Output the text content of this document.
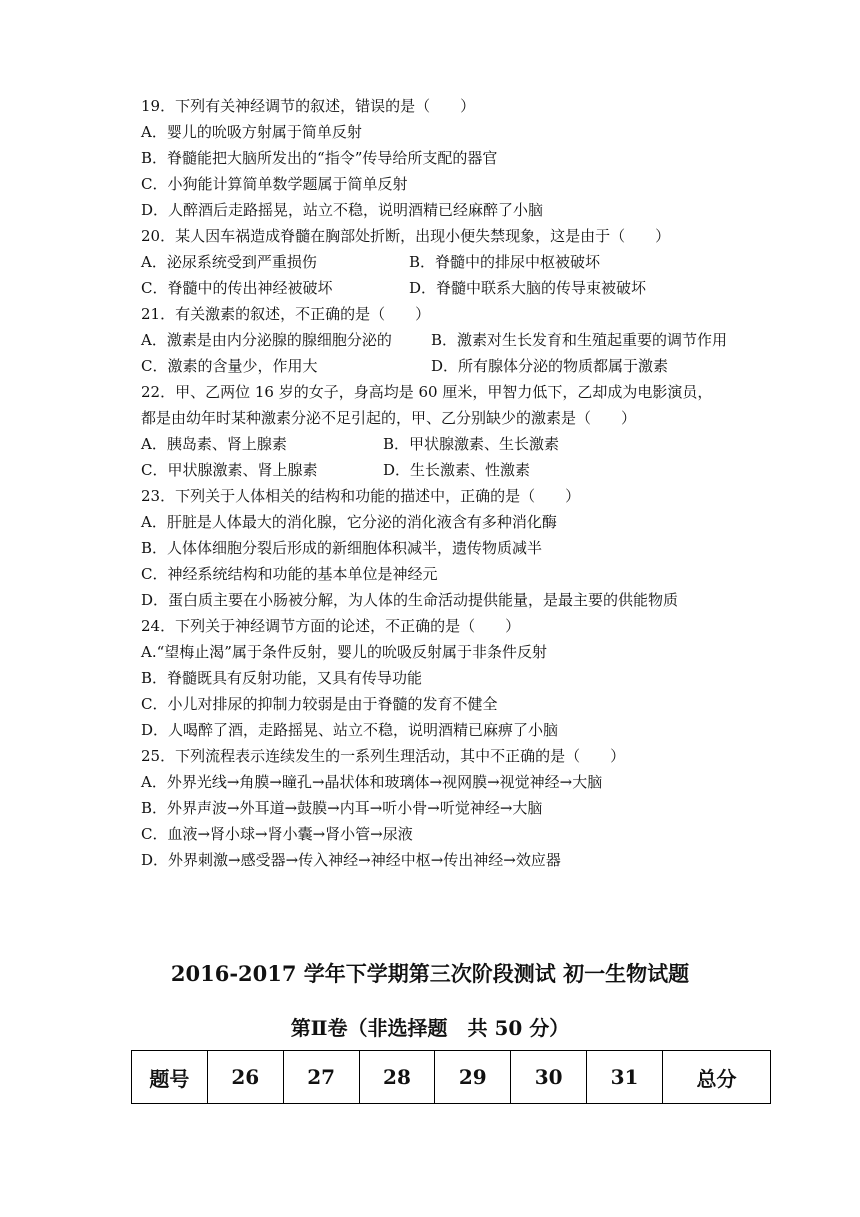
19．下列有关神经调节的叙述，错误的是（　　）
A．婴儿的吮吸方射属于简单反射
B．脊髓能把大脑所发出的“指令”传导给所支配的器官
C．小狗能计算简单数学题属于简单反射
D．人醉酒后走路摇晃，站立不稳，说明酒精已经麻醉了小脑
20．某人因车祸造成脊髓在胸部处折断，出现小便失禁现象，这是由于（　　）
A．泌尿系统受到严重损伤	B．脊髓中的排尿中枢被破坏
C．脊髓中的传出神经被破坏	D．脊髓中联系大脑的传导束被破坏
21．有关激素的叙述，不正确的是（　　）
A．激素是由内分泌腺的腺细胞分泌的	B．激素对生长发育和生殖起重要的调节作用
C．激素的含量少，作用大	D．所有腺体分泌的物质都属于激素
22．甲、乙两位 16 岁的女子，身高均是 60 厘米，甲智力低下，乙却成为电影演员，
都是由幼年时某种激素分泌不足引起的，甲、乙分别缺少的激素是（　　）
A．胰岛素、肾上腺素	B．甲状腺激素、生长激素
C．甲状腺激素、肾上腺素	D．生长激素、性激素
23．下列关于人体相关的结构和功能的描述中，正确的是（　　）
A．肝脏是人体最大的消化腺，它分泌的消化液含有多种消化酶
B．人体体细胞分裂后形成的新细胞体积减半，遗传物质减半
C．神经系统结构和功能的基本单位是神经元
D．蛋白质主要在小肠被分解，为人体的生命活动提供能量，是最主要的供能物质
24．下列关于神经调节方面的论述，不正确的是（　　）
A.“望梅止渴”属于条件反射，婴儿的吮吸反射属于非条件反射
B．脊髓既具有反射功能，又具有传导功能
C．小儿对排尿的抑制力较弱是由于脊髓的发育不健全
D．人喝醉了酒，走路摇晃、站立不稳，说明酒精已麻痹了小脑
25．下列流程表示连续发生的一系列生理活动，其中不正确的是（　　）
A．外界光线→角膜→瞳孔→晶状体和玻璃体→视网膜→视觉神经→大脑
B．外界声波→外耳道→鼓膜→内耳→听小骨→听觉神经→大脑
C．血液→肾小球→肾小囊→肾小管→尿液
D．外界刺激→感受器→传入神经→神经中枢→传出神经→效应器
2016-2017 学年下学期第三次阶段测试 初一生物试题
第Ⅱ卷（非选择题　共 50 分）
题号	26	27	28	29	30	31	总分
